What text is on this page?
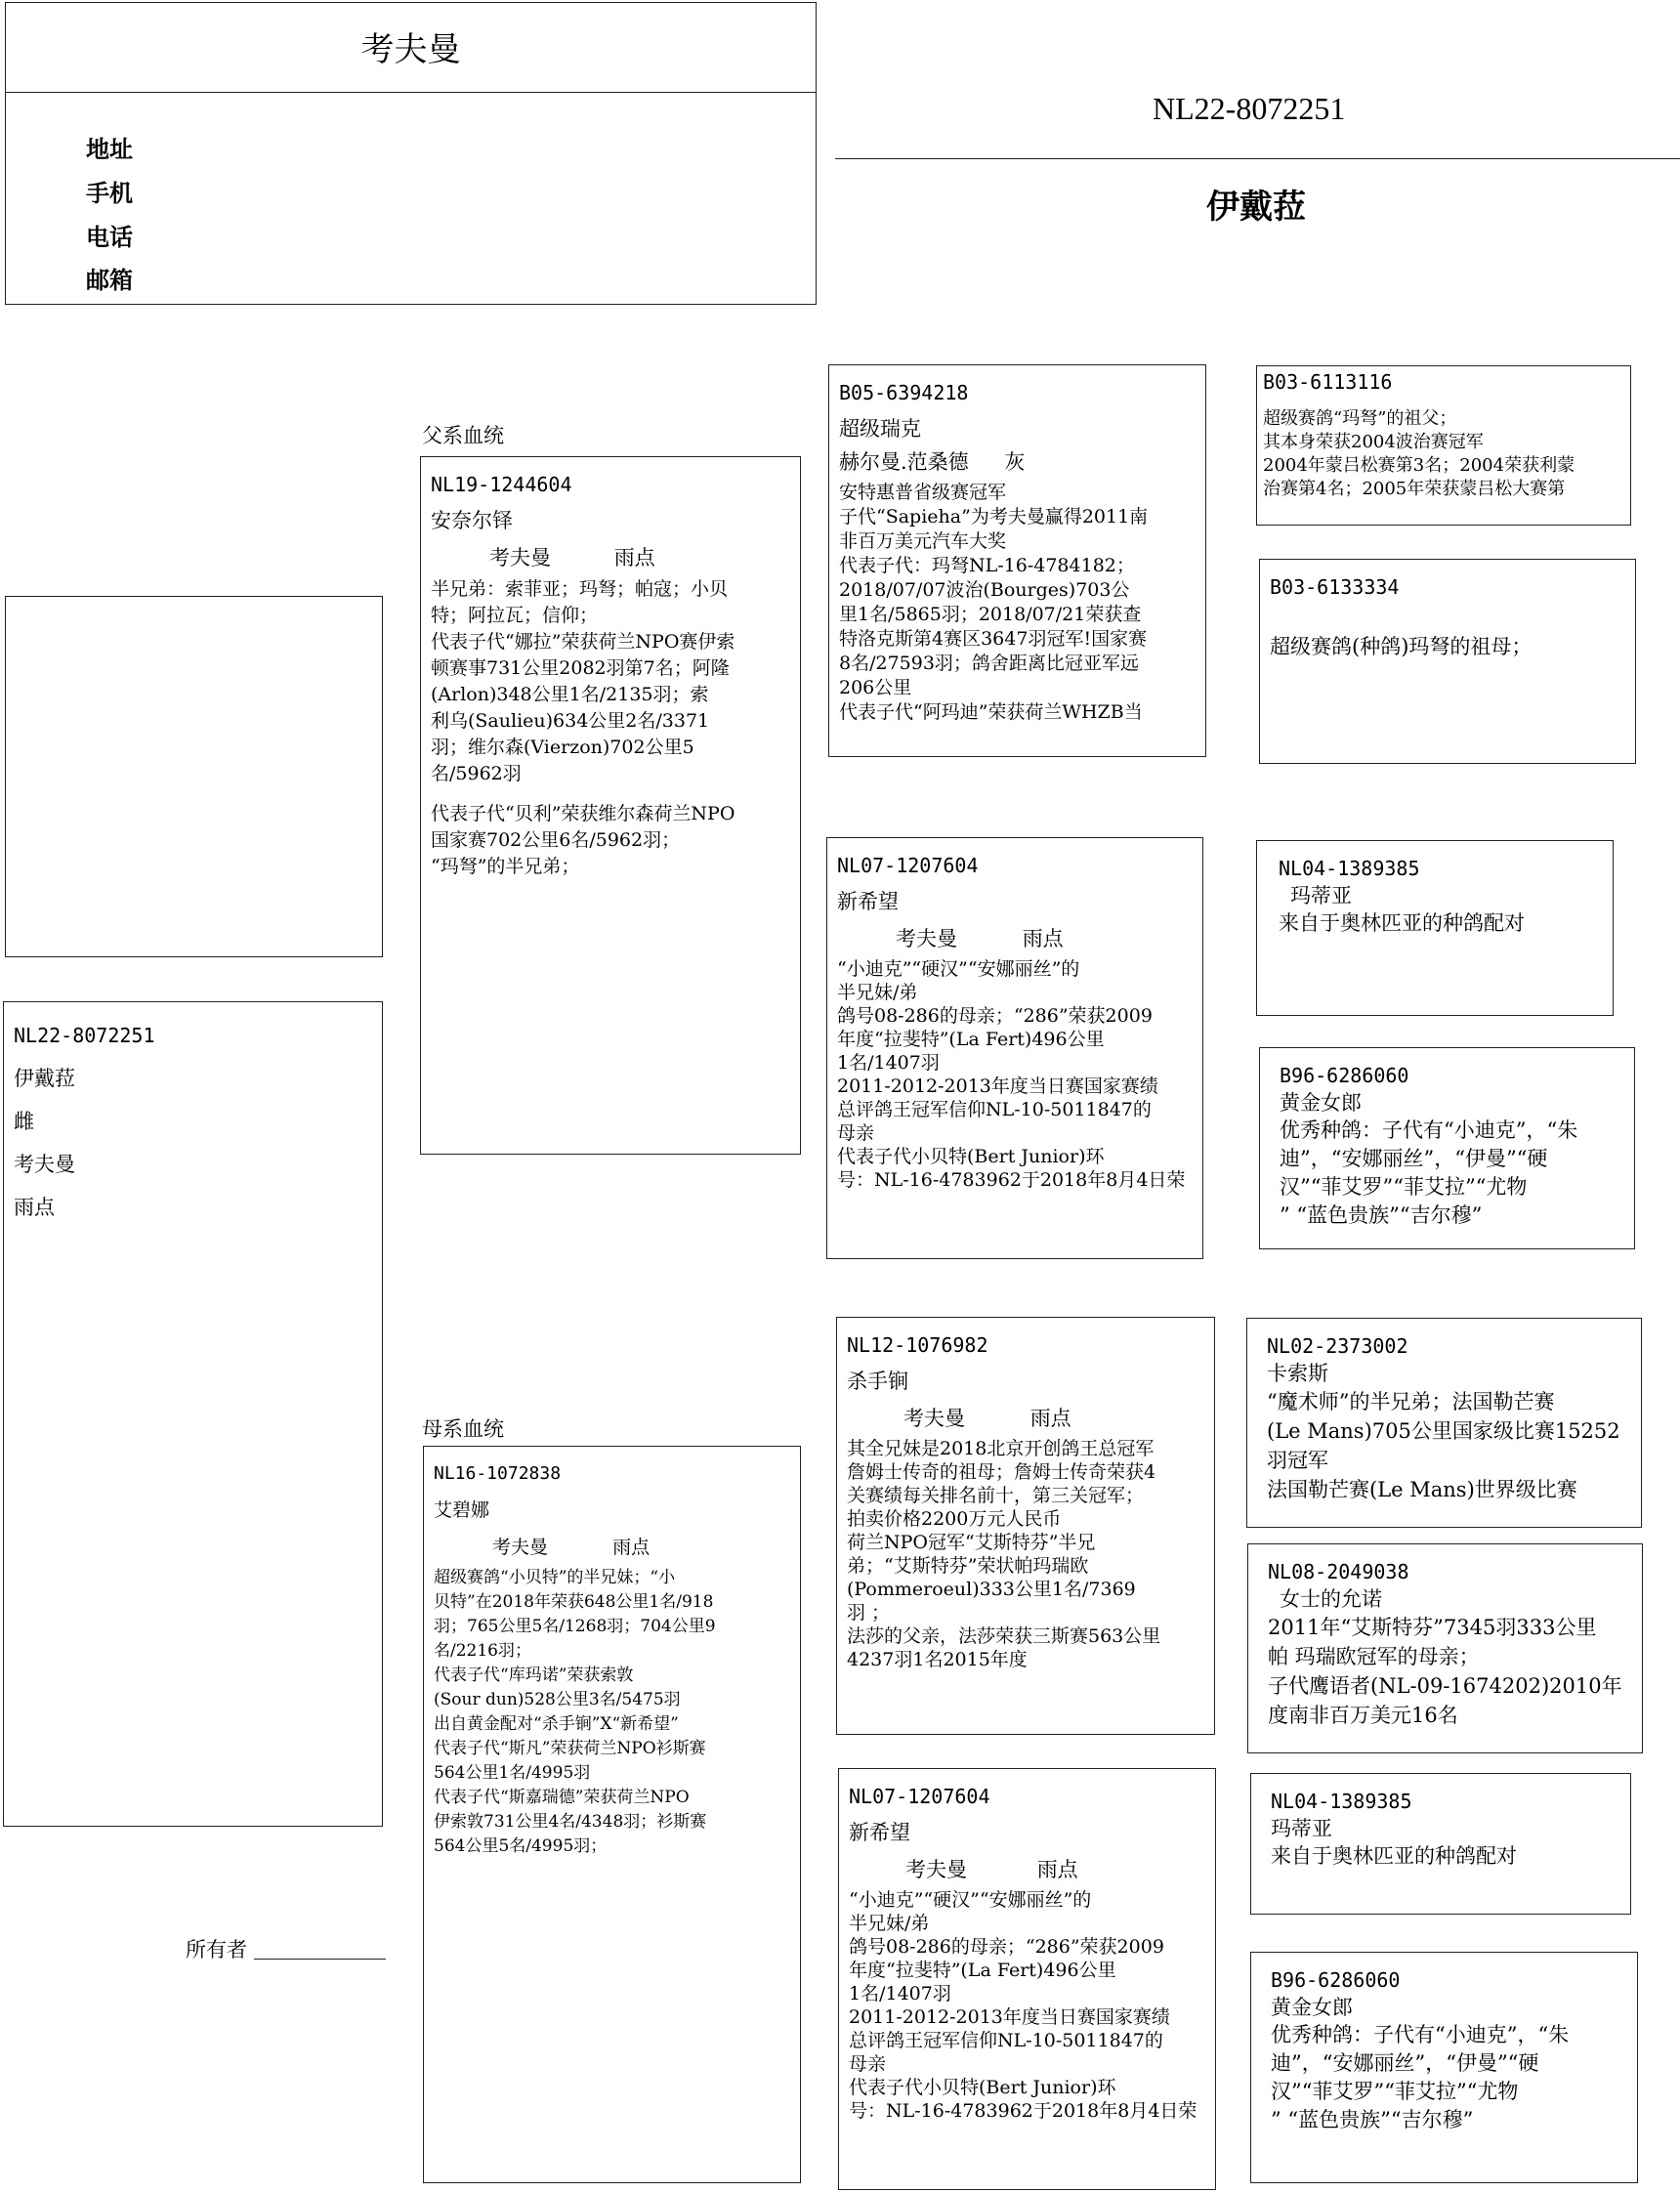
考夫曼
地址
手机
电话
邮箱
NL22-8072251
伊戴菈
NL22-8072251
伊戴菈
雌
考夫曼
雨点
所有者
父系血统
母系血统
NL19-1244604
安奈尔铎
考夫曼	雨点
半兄弟：索菲亚；玛弩；帕寇；小贝
特；阿拉瓦；信仰；
代表子代“娜拉”荣获荷兰NPO赛伊索
顿赛事731公里2082羽第7名；阿隆
(Arlon)348公里1名/2135羽；索
利乌(Saulieu)634公里2名/3371
羽；维尔森(Vierzon)702公里5
名/5962羽
代表子代“贝利”荣获维尔森荷兰NPO
国家赛702公里6名/5962羽；
“玛弩”的半兄弟；
NL16-1072838
艾碧娜
考夫曼	雨点
超级赛鸽“小贝特”的半兄妹；“小
贝特”在2018年荣获648公里1名/918
羽；765公里5名/1268羽；704公里9
名/2216羽；
代表子代“库玛诺”荣获索敦
(Sour dun)528公里3名/5475羽
出自黄金配对“杀手锏”X“新希望”
代表子代“斯凡”荣获荷兰NPO衫斯赛
564公里1名/4995羽
代表子代“斯嘉瑞德”荣获荷兰NPO
伊索敦731公里4名/4348羽；衫斯赛
564公里5名/4995羽；
B05-6394218
超级瑞克
赫尔曼.范桑德 灰
安特惠普省级赛冠军
子代“Sapieha”为考夫曼赢得2011南
非百万美元汽车大奖
代表子代：玛弩NL-16-4784182；
2018/07/07波治(Bourges)703公
里1名/5865羽；2018/07/21荣获查
特洛克斯第4赛区3647羽冠军!国家赛
8名/27593羽；鸽舍距离比冠亚军远
206公里
代表子代“阿玛迪”荣获荷兰WHZB当
NL07-1207604
新希望
考夫曼	雨点
“小迪克”“硬汉”“安娜丽丝”的
半兄妹/弟
鸽号08-286的母亲；“286”荣获2009
年度“拉斐特”(La Fert)496公里
1名/1407羽
2011-2012-2013年度当日赛国家赛绩
总评鸽王冠军信仰NL-10-5011847的
母亲
代表子代小贝特(Bert Junior)环
号：NL-16-4783962于2018年8月4日荣
NL12-1076982
杀手锏
考夫曼	雨点
其全兄妹是2018北京开创鸽王总冠军
詹姆士传奇的祖母；詹姆士传奇荣获4
关赛绩每关排名前十，第三关冠军；
拍卖价格2200万元人民币
荷兰NPO冠军“艾斯特芬”半兄
弟；“艾斯特芬”荣状帕玛瑞欧
(Pommeroeul)333公里1名/7369
羽 ；
法莎的父亲，法莎荣获三斯赛563公里
4237羽1名2015年度
NL07-1207604
新希望
考夫曼	雨点
“小迪克”“硬汉”“安娜丽丝”的
半兄妹/弟
鸽号08-286的母亲；“286”荣获2009
年度“拉斐特”(La Fert)496公里
1名/1407羽
2011-2012-2013年度当日赛国家赛绩
总评鸽王冠军信仰NL-10-5011847的
母亲
代表子代小贝特(Bert Junior)环
号：NL-16-4783962于2018年8月4日荣
B03-6113116
超级赛鸽“玛弩”的祖父；
其本身荣获2004波治赛冠军
2004年蒙吕松赛第3名；2004荣获利蒙
治赛第4名；2005年荣获蒙吕松大赛第
B03-6133334
超级赛鸽(种鸽)玛弩的祖母；
NL04-1389385
玛蒂亚
来自于奥林匹亚的种鸽配对
B96-6286060
黄金女郎
优秀种鸽：子代有“小迪克”，“朱
迪”，“安娜丽丝”，“伊曼”“硬
汉”“菲艾罗”“菲艾拉”“尤物
” “蓝色贵族”“吉尔穆”
NL02-2373002
卡索斯
“魔术师”的半兄弟；法国勒芒赛
(Le Mans)705公里国家级比赛15252
羽冠军
法国勒芒赛(Le Mans)世界级比赛
NL08-2049038
女士的允诺
2011年“艾斯特芬”7345羽333公里
帕 玛瑞欧冠军的母亲；
子代鹰语者(NL-09-1674202)2010年
度南非百万美元16名
NL04-1389385
玛蒂亚
来自于奥林匹亚的种鸽配对
B96-6286060
黄金女郎
优秀种鸽：子代有“小迪克”，“朱
迪”，“安娜丽丝”，“伊曼”“硬
汉”“菲艾罗”“菲艾拉”“尤物
” “蓝色贵族”“吉尔穆”
